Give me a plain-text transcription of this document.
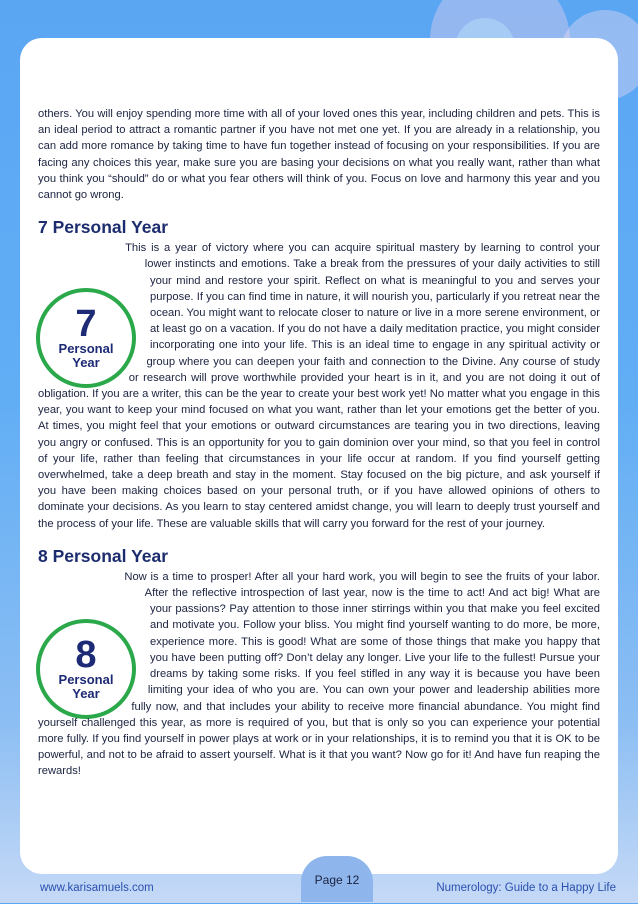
others. You will enjoy spending more time with all of your loved ones this year, including children and pets. This is an ideal period to attract a romantic partner if you have not met one yet. If you are already in a relationship, you can add more romance by taking time to have fun together instead of focusing on your responsibilities. If you are facing any choices this year, make sure you are basing your decisions on what you really want, rather than what you think you “should” do or what you fear others will think of you. Focus on love and harmony this year and you cannot go wrong.

7 Personal Year

7
Personal Year
This is a year of victory where you can acquire spiritual mastery by learning to control your lower instincts and emotions. Take a break from the pressures of your daily activities to still your mind and restore your spirit. Reflect on what is meaningful to you and serves your purpose. If you can find time in nature, it will nourish you, particularly if you retreat near the ocean. You might want to relocate closer to nature or live in a more serene environment, or at least go on a vacation. If you do not have a daily meditation practice, you might consider incorporating one into your life. This is an ideal time to engage in any spiritual activity or group where you can deepen your faith and connection to the Divine. Any course of study or research will prove worthwhile provided your heart is in it, and you are not doing it out of obligation. If you are a writer, this can be the year to create your best work yet! No matter what you engage in this year, you want to keep your mind focused on what you want, rather than let your emotions get the better of you. At times, you might feel that your emotions or outward circumstances are tearing you in two directions, leaving you angry or confused. This is an opportunity for you to gain dominion over your mind, so that you feel in control of your life, rather than feeling that circumstances in your life occur at random. If you find yourself getting overwhelmed, take a deep breath and stay in the moment. Stay focused on the big picture, and ask yourself if you have been making choices based on your personal truth, or if you have allowed opinions of others to dominate your decisions. As you learn to stay centered amidst change, you will learn to deeply trust yourself and the process of your life. These are valuable skills that will carry you forward for the rest of your journey.

8 Personal Year

8
Personal Year
Now is a time to prosper! After all your hard work, you will begin to see the fruits of your labor. After the reflective introspection of last year, now is the time to act! And act big! What are your passions? Pay attention to those inner stirrings within you that make you feel excited and motivate you. Follow your bliss. You might find yourself wanting to do more, be more, experience more. This is good! What are some of those things that make you happy that you have been putting off? Don’t delay any longer. Live your life to the fullest! Pursue your dreams by taking some risks. If you feel stifled in any way it is because you have been limiting your idea of who you are. You can own your power and leadership abilities more fully now, and that includes your ability to receive more financial abundance. You might find yourself challenged this year, as more is required of you, but that is only so you can experience your potential more fully. If you find yourself in power plays at work or in your relationships, it is to remind you that it is OK to be powerful, and not to be afraid to assert yourself. What is it that you want? Now go for it! And have fun reaping the rewards!

Page 12
www.karisamuels.com	Numerology: Guide to a Happy Life
